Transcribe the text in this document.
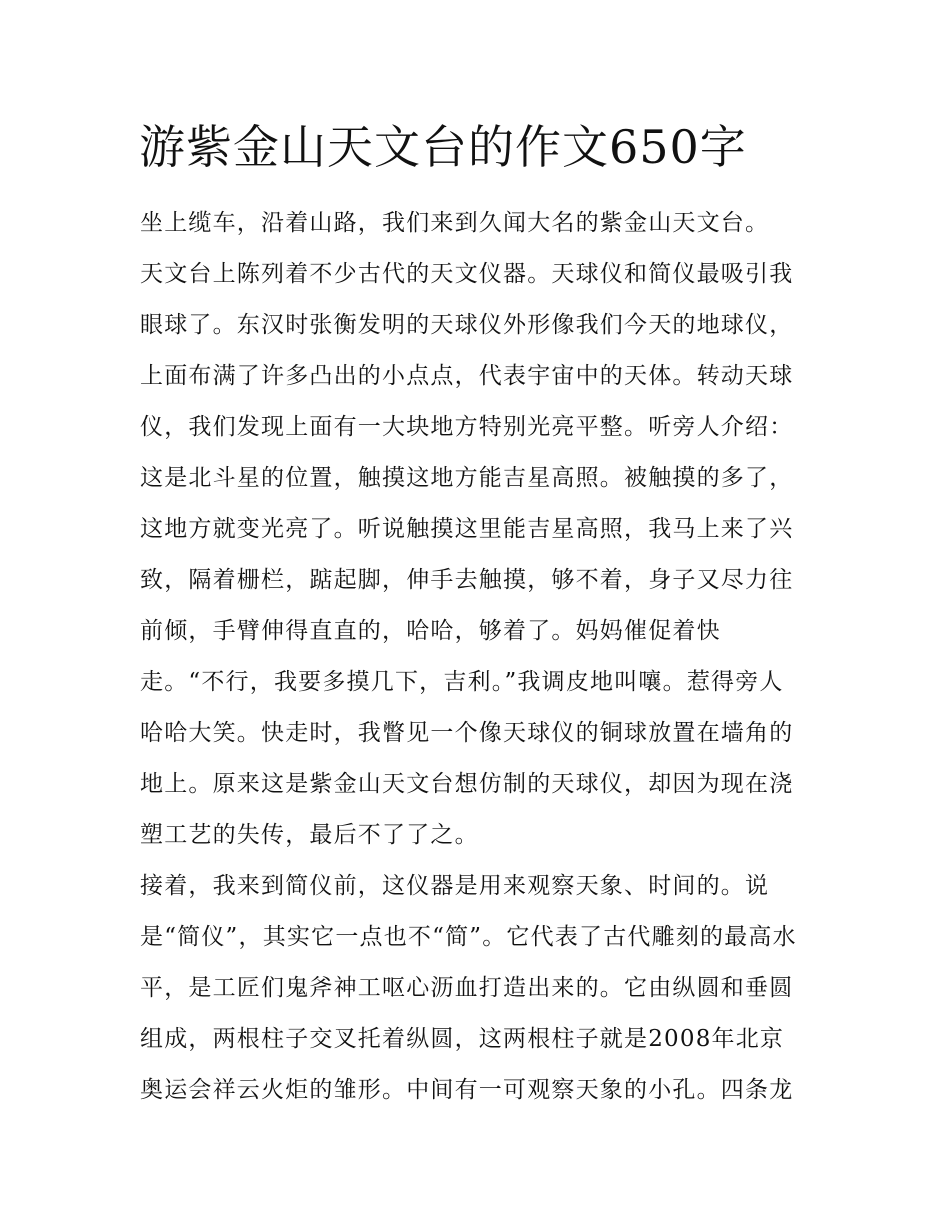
游紫金山天文台的作文650字
坐上缆车，沿着山路，我们来到久闻大名的紫金山天文台。
天文台上陈列着不少古代的天文仪器。天球仪和简仪最吸引我
眼球了。东汉时张衡发明的天球仪外形像我们今天的地球仪，
上面布满了许多凸出的小点点，代表宇宙中的天体。转动天球
仪，我们发现上面有一大块地方特别光亮平整。听旁人介绍：
这是北斗星的位置，触摸这地方能吉星高照。被触摸的多了，
这地方就变光亮了。听说触摸这里能吉星高照，我马上来了兴
致，隔着栅栏，踮起脚，伸手去触摸，够不着，身子又尽力往
前倾，手臂伸得直直的，哈哈，够着了。妈妈催促着快
走。“不行，我要多摸几下，吉利。”我调皮地叫嚷。惹得旁人
哈哈大笑。快走时，我瞥见一个像天球仪的铜球放置在墙角的
地上。原来这是紫金山天文台想仿制的天球仪，却因为现在浇
塑工艺的失传，最后不了了之。
接着，我来到简仪前，这仪器是用来观察天象、时间的。说
是“简仪”，其实它一点也不“简”。它代表了古代雕刻的最高水
平，是工匠们鬼斧神工呕心沥血打造出来的。它由纵圆和垂圆
组成，两根柱子交叉托着纵圆，这两根柱子就是2008年北京
奥运会祥云火炬的雏形。中间有一可观察天象的小孔。四条龙
